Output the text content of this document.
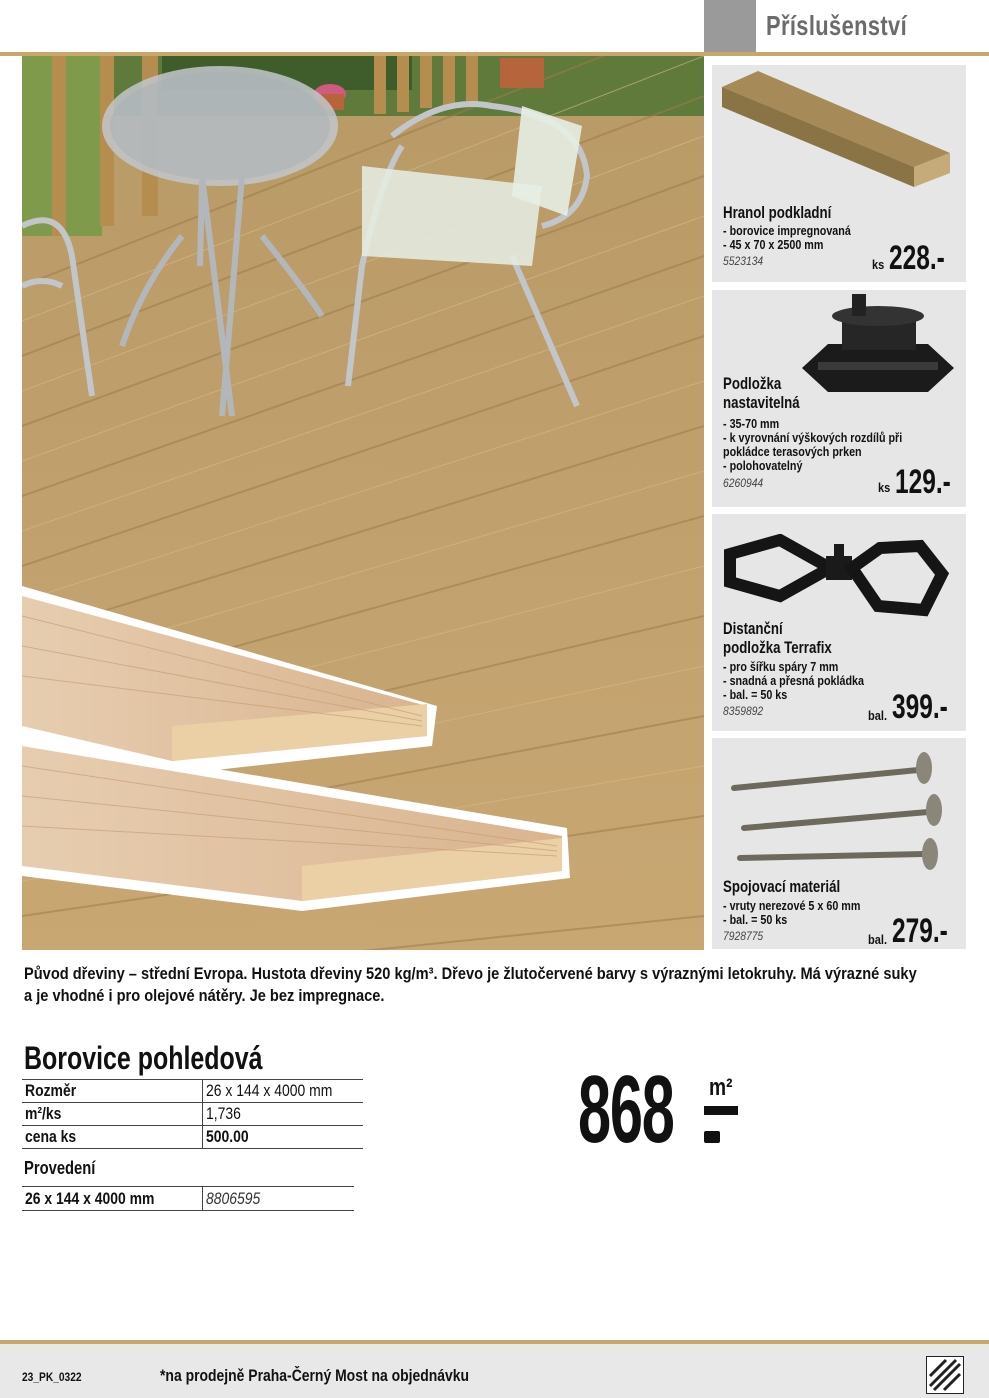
Příslušenství
Hranol podkladní
- borovice impregnovaná
- 45 x 70 x 2500 mm
5523134	ks 228.-
Podložka
nastavitelná
- 35-70 mm
- k vyrovnání výškových rozdílů při
pokládce terasových prken
- polohovatelný
6260944	ks 129.-
Distanční
podložka Terrafix
- pro šířku spáry 7 mm
- snadná a přesná pokládka
- bal. = 50 ks
8359892	bal. 399.-
Spojovací materiál
- vruty nerezové 5 x 60 mm
- bal. = 50 ks
7928775	bal. 279.-
Původ dřeviny – střední Evropa. Hustota dřeviny 520 kg/m³. Dřevo je žlutočervené barvy s výraznými letokruhy. Má výrazné suky
a je vhodné i pro olejové nátěry. Je bez impregnace.
Borovice pohledová
Rozměr	26 x 144 x 4000 mm
m²/ks	1,736
cena ks	500.00
Provedení
26 x 144 x 4000 mm	8806595
868 m²
23_PK_0322	*na prodejně Praha-Černý Most na objednávku
